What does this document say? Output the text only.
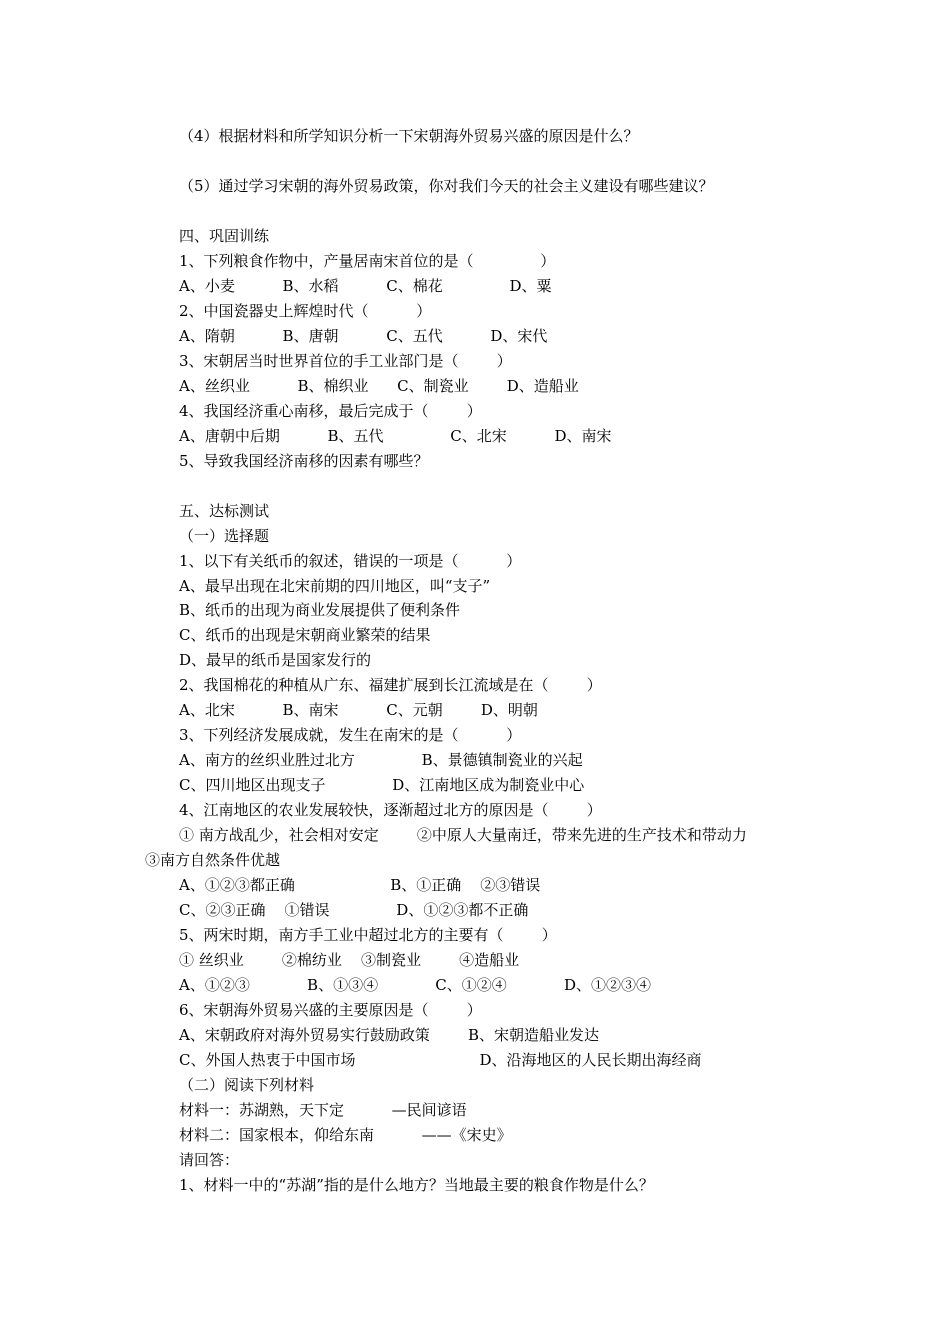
（4）根据材料和所学知识分析一下宋朝海外贸易兴盛的原因是什么？
（5）通过学习宋朝的海外贸易政策，你对我们今天的社会主义建设有哪些建议？
四、巩固训练
1、下列粮食作物中，产量居南宋首位的是（              ）
A、小麦          B、水稻          C、棉花              D、粟
2、中国瓷器史上辉煌时代（          ）
A、隋朝          B、唐朝          C、五代          D、宋代
3、宋朝居当时世界首位的手工业部门是（        ）
A、丝织业          B、棉织业      C、制瓷业        D、造船业
4、我国经济重心南移，最后完成于（        ）
A、唐朝中后期          B、五代              C、北宋          D、南宋
5、导致我国经济南移的因素有哪些？
五、达标测试
（一）选择题
1、以下有关纸币的叙述，错误的一项是（          ）
A、最早出现在北宋前期的四川地区，叫“支子”
B、纸币的出现为商业发展提供了便利条件
C、纸币的出现是宋朝商业繁荣的结果
D、最早的纸币是国家发行的
2、我国棉花的种植从广东、福建扩展到长江流域是在（        ）
A、北宋          B、南宋          C、元朝        D、明朝
3、下列经济发展成就，发生在南宋的是（          ）
A、南方的丝织业胜过北方              B、景德镇制瓷业的兴起
C、四川地区出现支子              D、江南地区成为制瓷业中心
4、江南地区的农业发展较快，逐渐超过北方的原因是（        ）
① 南方战乱少，社会相对安定        ②中原人大量南迁，带来先进的生产技术和带动力
③南方自然条件优越
A、①②③都正确                    B、①正确    ②③错误
C、②③正确    ①错误              D、①②③都不正确
5、两宋时期，南方手工业中超过北方的主要有（        ）
① 丝织业        ②棉纺业    ③制瓷业        ④造船业
A、①②③            B、①③④            C、①②④            D、①②③④
6、宋朝海外贸易兴盛的主要原因是（        ）
A、宋朝政府对海外贸易实行鼓励政策        B、宋朝造船业发达
C、外国人热衷于中国市场                          D、沿海地区的人民长期出海经商
（二）阅读下列材料
材料一：苏湖熟，天下定          —民间谚语
材料二：国家根本，仰给东南          ——《宋史》
请回答：
1、材料一中的“苏湖”指的是什么地方？当地最主要的粮食作物是什么？
